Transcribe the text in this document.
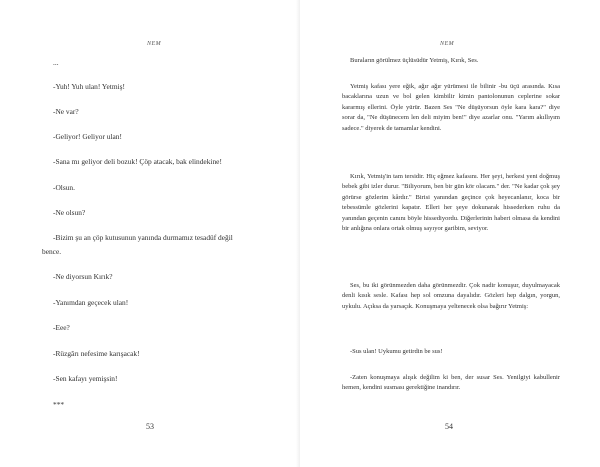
NEM
...
-Yuh! Yuh ulan! Yetmiş!
-Ne var?
-Geliyor! Geliyor ulan!
-Sana mı geliyor deli bozuk! Çöp atacak, bak elindekine!
-Olsun.
-Ne olsun?
-Bizim şu an çöp kutusunun yanında durmamız tesadüf değil
bence.
-Ne diyorsun Kırık?
-Yanımdan geçecek ulan!
-Eee?
-Rüzgârı nefesime karışacak!
-Sen kafayı yemişsin!
***
53
NEM
Buraların görülmez üçlüsüdür Yetmiş, Kırık, Ses.
Yetmiş kafası yere eğik, ağır ağır yürümesi ile bilinir -bu üçü arasında. Kısa bacaklarına uzun ve bol gelen kimbilir kimin pantolonunun ceplerine sokar kararmış ellerini. Öyle yürür. Bazen Ses "Ne düşüyorsun öyle kara kara?" diye sorar da, "Ne düşünecem len deli miyim ben!" diye azarlar onu. "Yarım akıllıyım sadece." diyerek de tamamlar kendini.
Kırık, Yetmiş'in tam tersidir. Hiç eğmez kafasını. Her şeyi, herkesi yeni doğmuş bebek gibi izler durur. "Biliyorum, ben bir gün kör olacam." der. "Ne kadar çok şey görürse gözlerim kârdır." Birisi yanından geçince çok heyecanlanır, koca bir tebessümle gözlerini kapatır. Elleri her şeye dokunarak hissederken ruhu da yanından geçenin canını böyle hissediyordu. Diğerlerinin haberi olmasa da kendini bir anlığına onlara ortak olmuş sayıyor garibim, seviyor.
Ses, bu iki görünmezden daha görünmezdir. Çok nadir konuşur, duyulmayacak denli kısık sesle. Kafası hep sol omzuna dayalıdır. Gözleri hep dalgın, yorgun, uykulu. Açıksa da yarsaçık. Konuşmaya yeltenecek olsa bağırır Yetmiş:
-Sus ulan! Uykumu getirdin be sus!
-Zaten konuşmaya alışık değilim ki ben, der susar Ses. Yenilgiyi kabullenir hemen, kendini susması gerektiğine inandırır.
54
